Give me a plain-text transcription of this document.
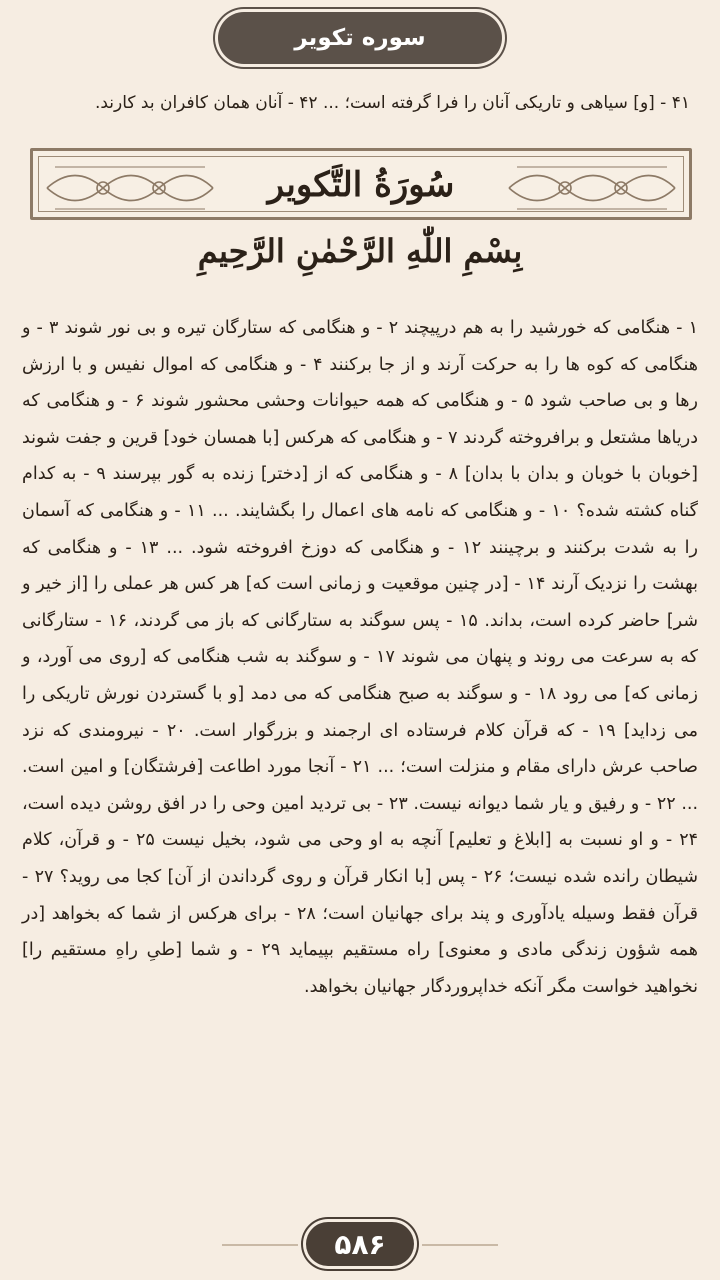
سوره تکویر
۴۱ - [و] سیاهی و تاریکی آنان را فرا گرفته است؛ ... ۴۲ - آنان همان کافران بد کارند.
سُورَةُ التَّكوير
بِسْمِ اللّٰهِ الرَّحْمٰنِ الرَّحِيمِ
۱ - هنگامی که خورشید را به هم درپیچند ۲ - و هنگامی که ستارگان تیره و بی نور شوند ۳ - و هنگامی که کوه ها را به حرکت آرند و از جا برکنند ۴ - و هنگامی که اموال نفیس و با ارزش رها و بی صاحب شود ۵ - و هنگامی که همه حیوانات وحشی محشور شوند ۶ - و هنگامی که دریاها مشتعل و برافروخته گردند ۷ - و هنگامی که هرکس [با همسان خود] قرین و جفت شوند [خوبان با خوبان و بدان با بدان] ۸ - و هنگامی که از [دختر] زنده به گور بپرسند ۹ - به کدام گناه کشته شده؟ ۱۰ - و هنگامی که نامه های اعمال را بگشایند. ... ۱۱ - و هنگامی که آسمان را به شدت برکنند و برچینند ۱۲ - و هنگامی که دوزخ افروخته شود. ... ۱۳ - و هنگامی که بهشت را نزدیک آرند ۱۴ - [در چنین موقعیت و زمانی است که] هر کس هر عملی را [از خیر و شر] حاضر کرده است، بداند. ۱۵ - پس سوگند به ستارگانی که باز می گردند، ۱۶ - ستارگانی که به سرعت می روند و پنهان می شوند ۱۷ - و سوگند به شب هنگامی که [روی می آورد، و زمانی که] می رود ۱۸ - و سوگند به صبح هنگامی که می دمد [و با گستردن نورش تاریکی را می زداید] ۱۹ - که قرآن کلام فرستاده ای ارجمند و بزرگوار است. ۲۰ - نیرومندی که نزد صاحب عرش دارای مقام و منزلت است؛ ... ۲۱ - آنجا مورد اطاعت [فرشتگان] و امین است. ... ۲۲ - و رفیق و یار شما دیوانه نیست. ۲۳ - بی تردید امین وحی را در افق روشن دیده است، ۲۴ - و او نسبت به [ابلاغ و تعلیم] آنچه به او وحی می شود، بخیل نیست ۲۵ - و قرآن، کلام شیطان رانده شده نیست؛ ۲۶ - پس [با انکار قرآن و روی گرداندن از آن] کجا می روید؟ ۲۷ - قرآن فقط وسیله یادآوری و پند برای جهانیان است؛ ۲۸ - برای هرکس از شما که بخواهد [در همه شؤون زندگی مادی و معنوی] راه مستقیم بپیماید ۲۹ - و شما [طیِ راهِ مستقیم را] نخواهید خواست مگر آنکه خداپروردگار جهانیان بخواهد.
۵۸۶
